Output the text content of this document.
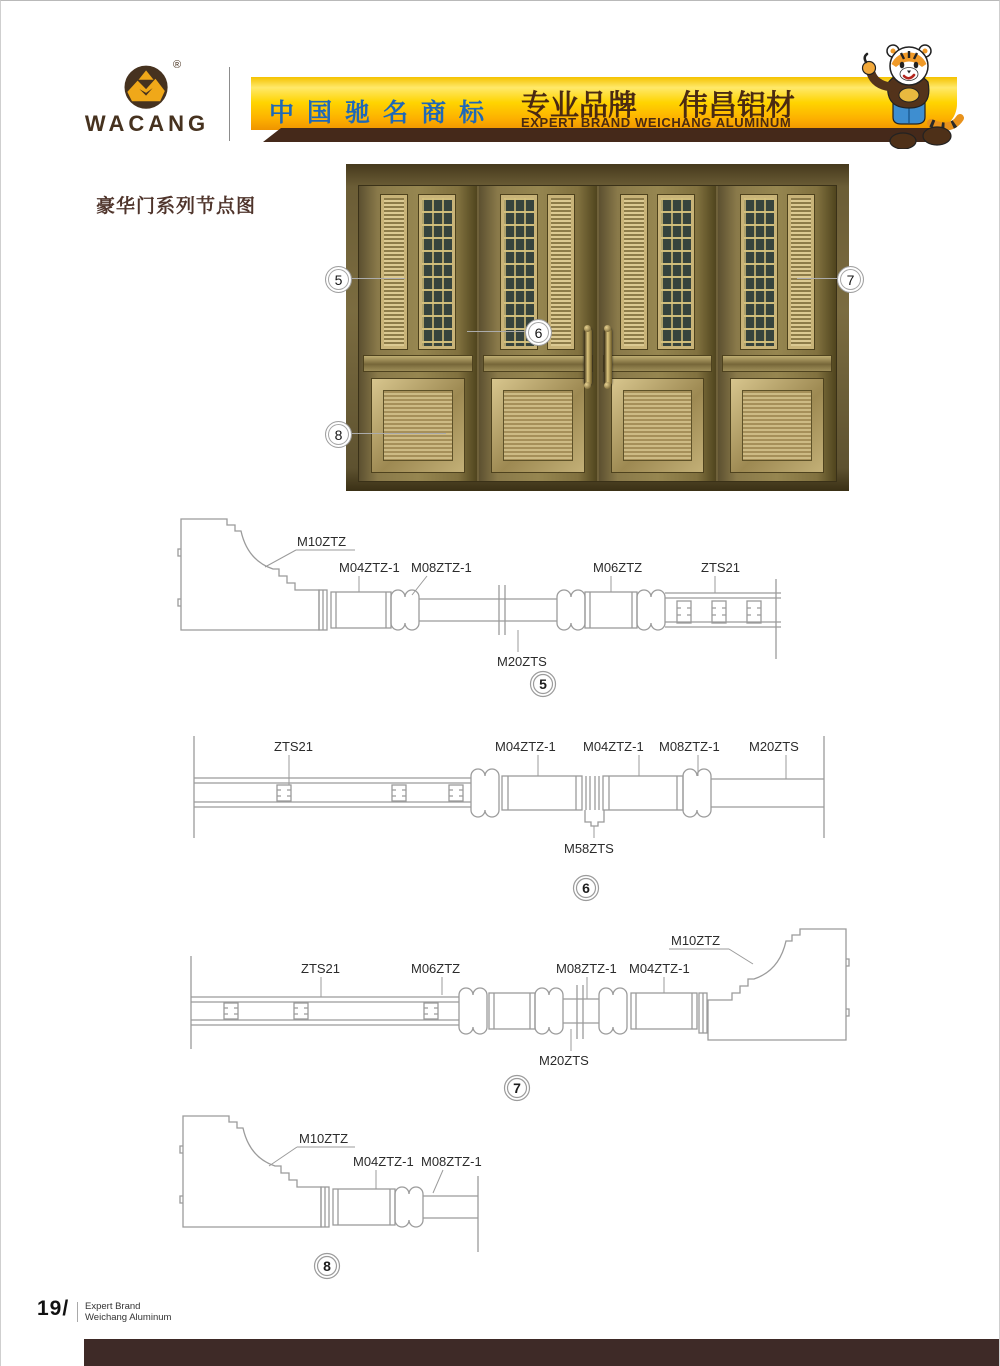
®
WACANG	中国驰名商标 专业品牌 伟昌铝材
EXPERT BRAND WEICHANG ALUMINUM
豪华门系列节点图
5
6
7
8
M10ZTZ
M04ZTZ-1 M08ZTZ-1	M06ZTZ	ZTS21
M20ZTS
5
ZTS21	M04ZTZ-1 M04ZTZ-1 M08ZTZ-1 M20ZTS
M58ZTS
6
ZTS21	M06ZTZ	M08ZTZ-1 M04ZTZ-1
M10ZTZ
M20ZTS
7
M10ZTZ
M04ZTZ-1 M08ZTZ-1
8
19/ Expert Brand
Weichang Aluminum
